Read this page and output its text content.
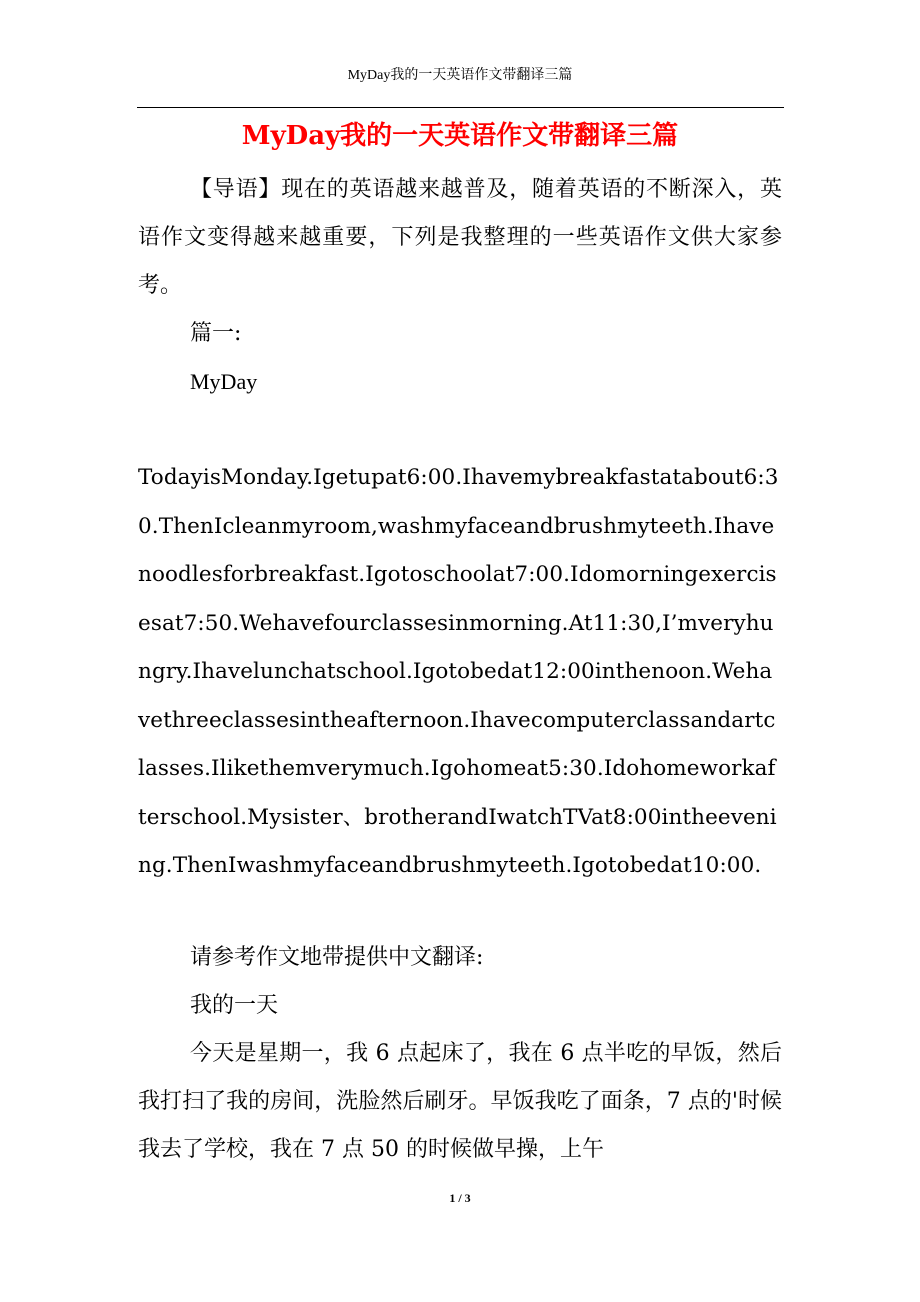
MyDay我的一天英语作文带翻译三篇
MyDay我的一天英语作文带翻译三篇

【导语】现在的英语越来越普及，随着英语的不断深入，英语作文变得越来越重要，下列是我整理的一些英语作文供大家参考。

篇一:

MyDay

TodayisMonday.Igetupat6:00.Ihavemybreakfastatabout6:30.ThenIcleanmyroom,washmyfaceandbrushmyteeth.Ihavenoodlesforbreakfast.Igotoschoolat7:00.Idomorningexercisesat7:50.Wehavefourclassesinmorning.At11:30,I’mveryhungry.Ihavelunchatschool.Igotobedat12:00inthenoon.Wehavethreeclassesintheafternoon.Ihavecomputerclassandartclasses.Ilikethemverymuch.Igohomeat5:30.Idohomeworkafterschool.Mysister、brotherandIwatchTVat8:00intheevening.ThenIwashmyfaceandbrushmyteeth.Igotobedat10:00.

请参考作文地带提供中文翻译:

我的一天

今天是星期一，我 6 点起床了，我在 6 点半吃的早饭，然后我打扫了我的房间，洗脸然后刷牙。早饭我吃了面条，7 点的'时候我去了学校，我在 7 点 50 的时候做早操，上午

1 / 3
